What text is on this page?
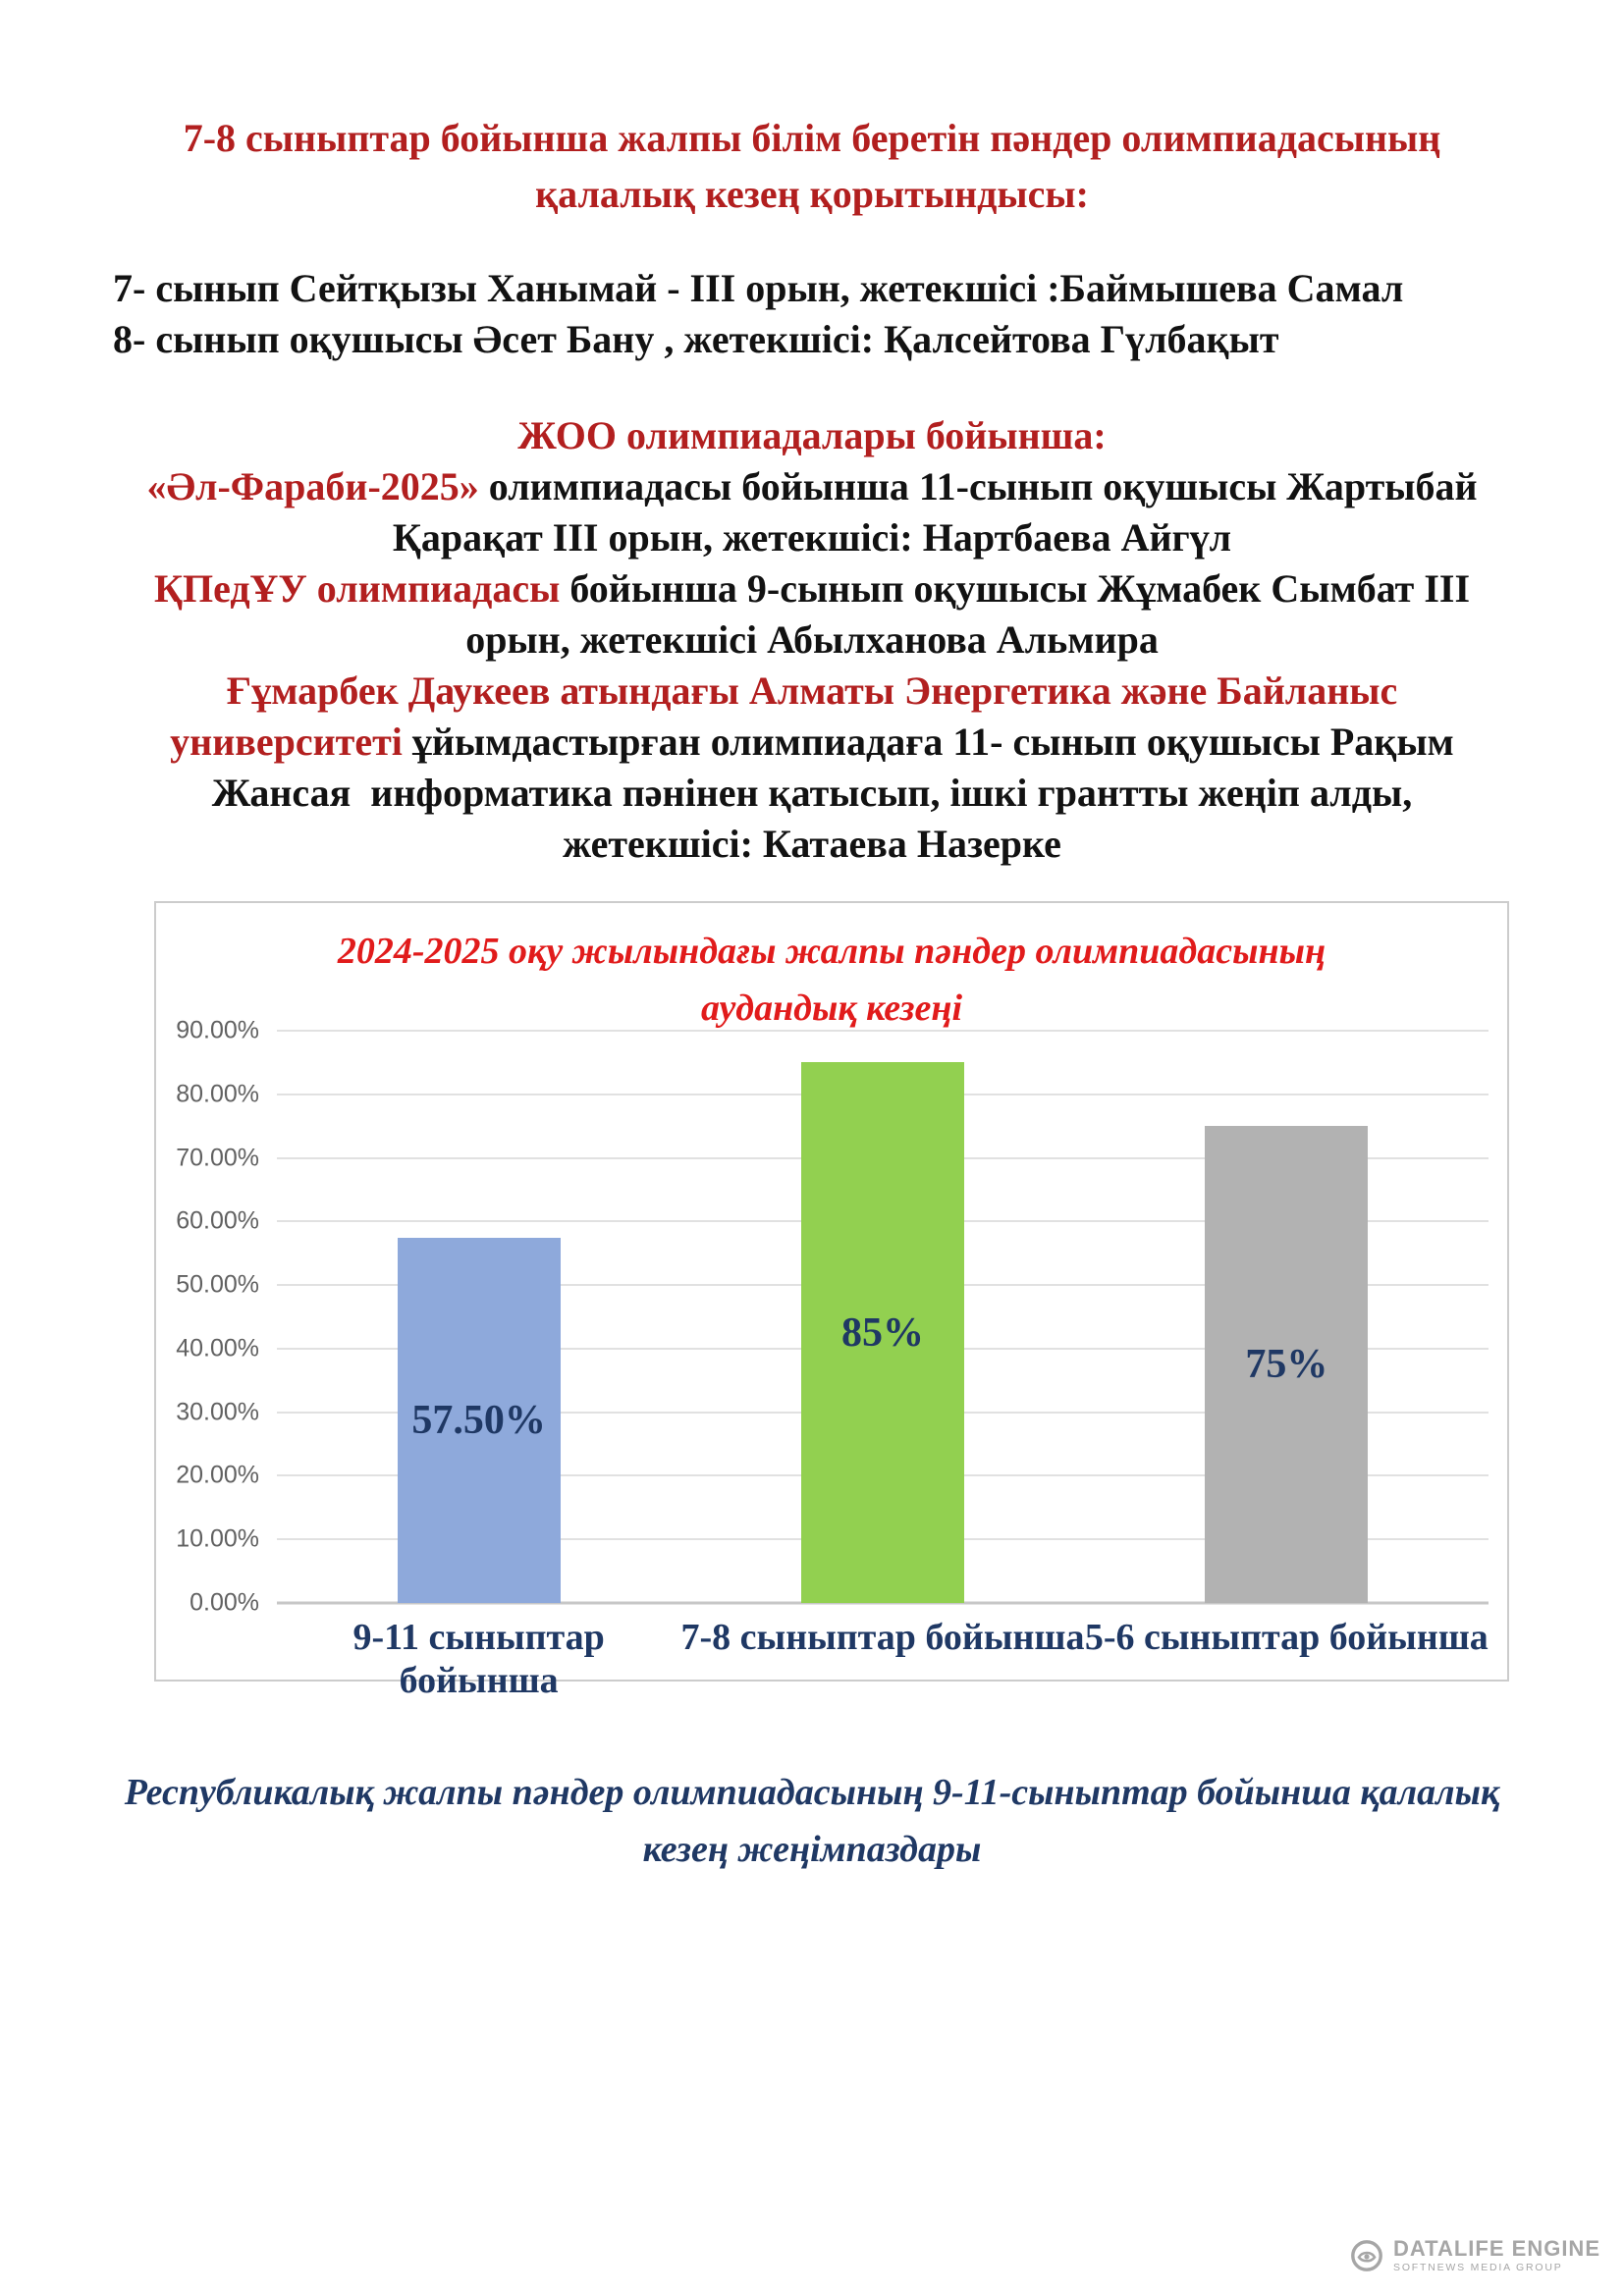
7-8 сыныптар бойынша жалпы білім беретін пәндер олимпиадасының қалалық кезең қорытындысы:

7- сынып Сейтқызы Ханымай - III орын, жетекшісі :Баймышева Самал

8- сынып оқушысы Әсет Бану , жетекшісі: Қалсейтова Гүлбақыт

ЖОО олимпиадалары бойынша:

«Әл-Фараби-2025» олимпиадасы бойынша 11-сынып оқушысы Жартыбай Қарақат III орын, жетекшісі: Нартбаева Айгүл

ҚПедҰУ олимпиадасы бойынша 9-сынып оқушысы Жұмабек Сымбат III орын, жетекшісі Абылханова Альмира

Ғұмарбек Даукеев атындағы Алматы Энергетика және Байланыс университеті ұйымдастырған олимпиадаға 11- сынып оқушысы Рақым Жансая  информатика пәнінен қатысып, ішкі грантты жеңіп алды, жетекшісі: Катаева Назерке

2024-2025 оқу жылындағы жалпы пәндер олимпиадасының аудандық кезеңі
0.00%
10.00%
20.00%
30.00%
40.00%
50.00%
60.00%
70.00%
80.00%
90.00%
57.50%
85%
75%
9-11 сыныптар бойынша
7-8 сыныптар бойынша 5-6 сыныптар бойынша
Республикалық жалпы пәндер олимпиадасының 9-11-сыныптар бойынша қалалық кезең жеңімпаздары
DATALIFE ENGINE
SOFTNEWS MEDIA GROUP
